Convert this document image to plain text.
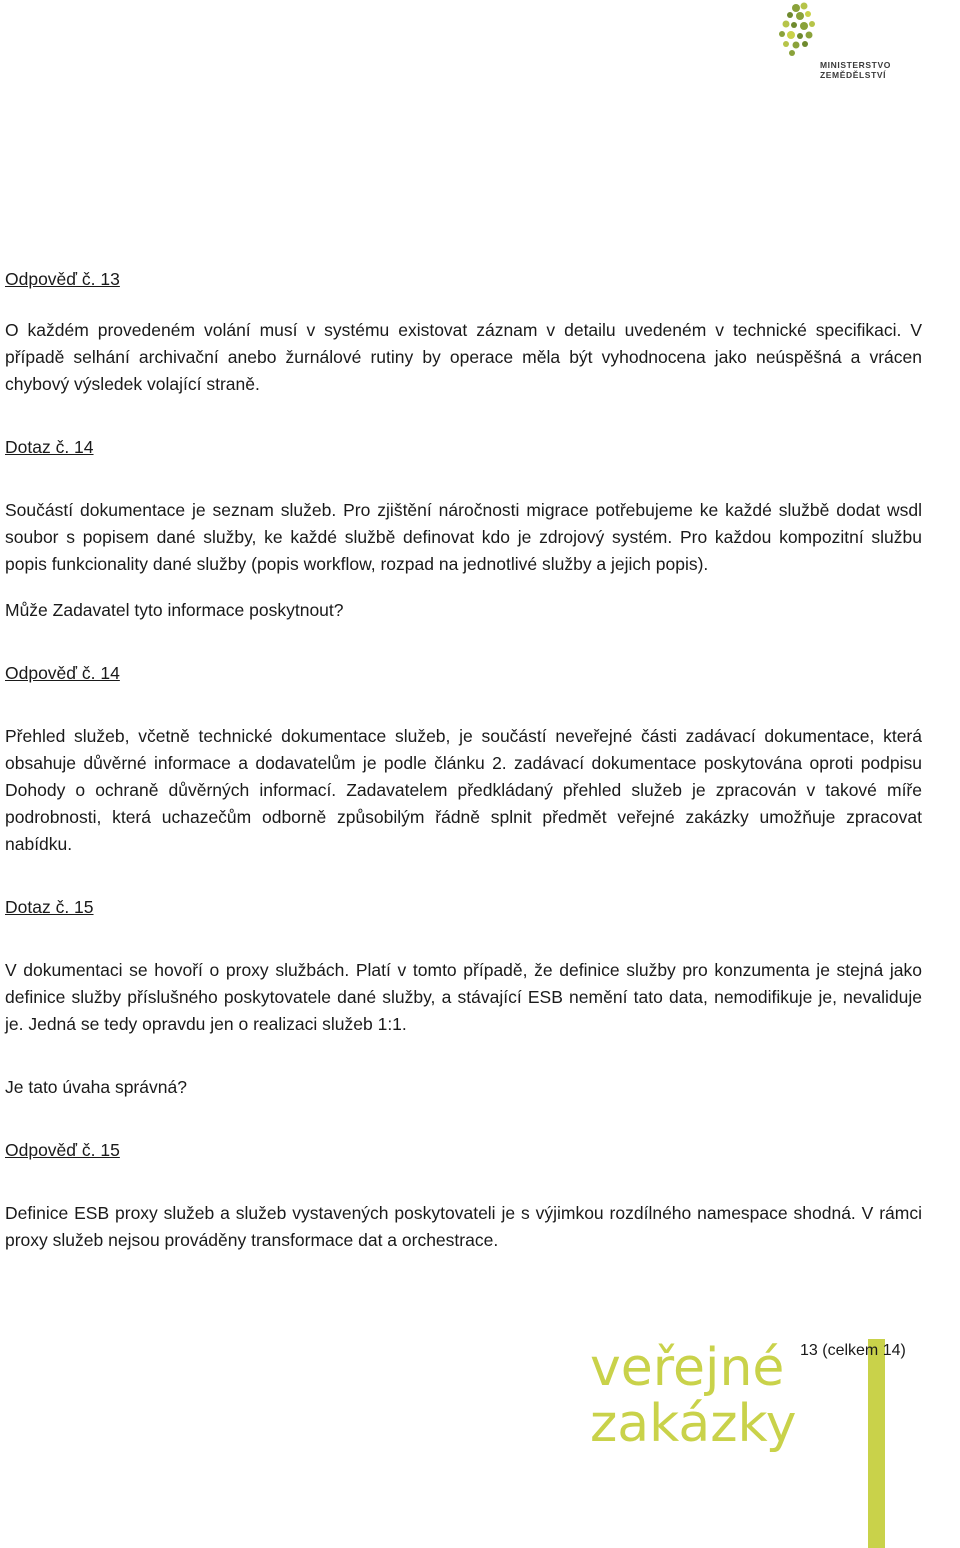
MINISTERSTVO ZEMĚDĚLSTVÍ

Odpověď č. 13

O každém provedeném volání musí v systému existovat záznam v detailu uvedeném v technické specifikaci. V případě selhání archivační anebo žurnálové rutiny by operace měla být vyhodnocena jako neúspěšná a vrácen chybový výsledek volající straně.

Dotaz č. 14

Součástí dokumentace je seznam služeb. Pro zjištění náročnosti migrace potřebujeme ke každé službě dodat wsdl soubor s popisem dané služby, ke každé službě definovat kdo je zdrojový systém. Pro každou kompozitní službu popis funkcionality dané služby (popis workflow, rozpad na jednotlivé služby a jejich popis).

Může Zadavatel tyto informace poskytnout?

Odpověď č. 14

Přehled služeb, včetně technické dokumentace služeb, je součástí neveřejné části zadávací dokumentace, která obsahuje důvěrné informace a dodavatelům je podle článku 2. zadávací dokumentace poskytována oproti podpisu Dohody o ochraně důvěrných informací. Zadavatelem předkládaný přehled služeb je zpracován v takové míře podrobnosti, která uchazečům odborně způsobilým řádně splnit předmět veřejné zakázky umožňuje zpracovat nabídku.

Dotaz č. 15

V dokumentaci se hovoří o proxy službách. Platí v tomto případě, že definice služby pro konzumenta je stejná jako definice služby příslušného poskytovatele dané služby, a stávající ESB nemění tato data, nemodifikuje je, nevaliduje je. Jedná se tedy opravdu jen o realizaci služeb 1:1.

Je tato úvaha správná?

Odpověď č. 15

Definice ESB proxy služeb a služeb vystavených poskytovateli je s výjimkou rozdílného namespace shodná. V rámci proxy služeb nejsou prováděny transformace dat a orchestrace.

veřejné
zakázky
13 (celkem 14)
